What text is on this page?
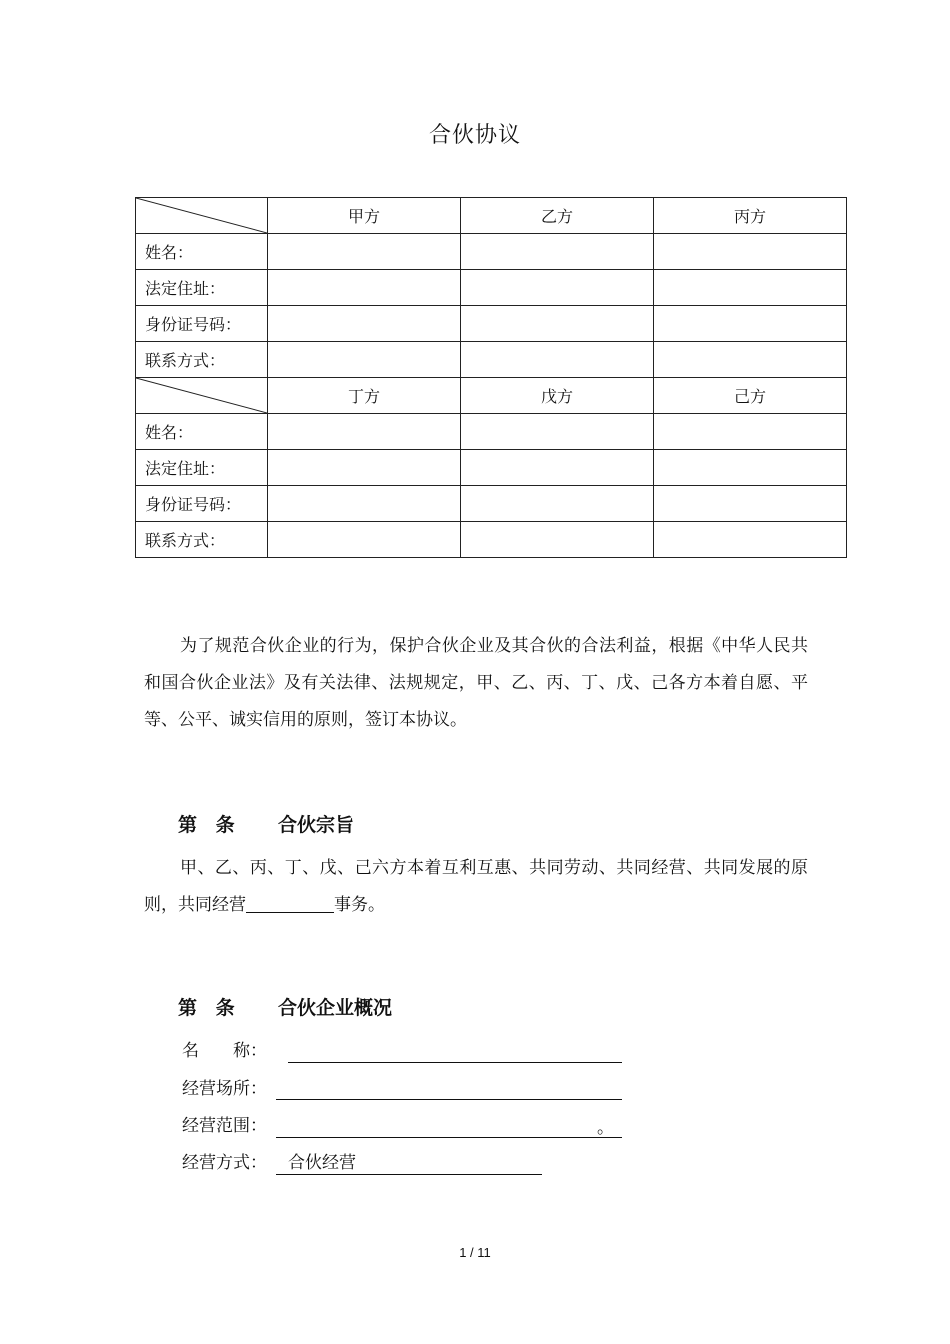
合伙协议
	甲方	乙方	丙方
姓名：			
法定住址：			
身份证号码：			
联系方式：			

	丁方	戊方	己方
姓名：			
法定住址：			
身份证号码：			
联系方式：			
为了规范合伙企业的行为，保护合伙企业及其合伙的合法利益，根据《中华人民共和国合伙企业法》及有关法律、法规规定，甲、乙、丙、丁、戊、己各方本着自愿、平等、公平、诚实信用的原则，签订本协议。
第 条 合伙宗旨
甲、乙、丙、丁、戊、己六方本着互利互惠、共同劳动、共同经营、共同发展的原则，共同经营	事务。
第 条 合伙企业概况
名　　称：
经营场所：
经营范围：	。
经营方式： 合伙经营
1 / 11
